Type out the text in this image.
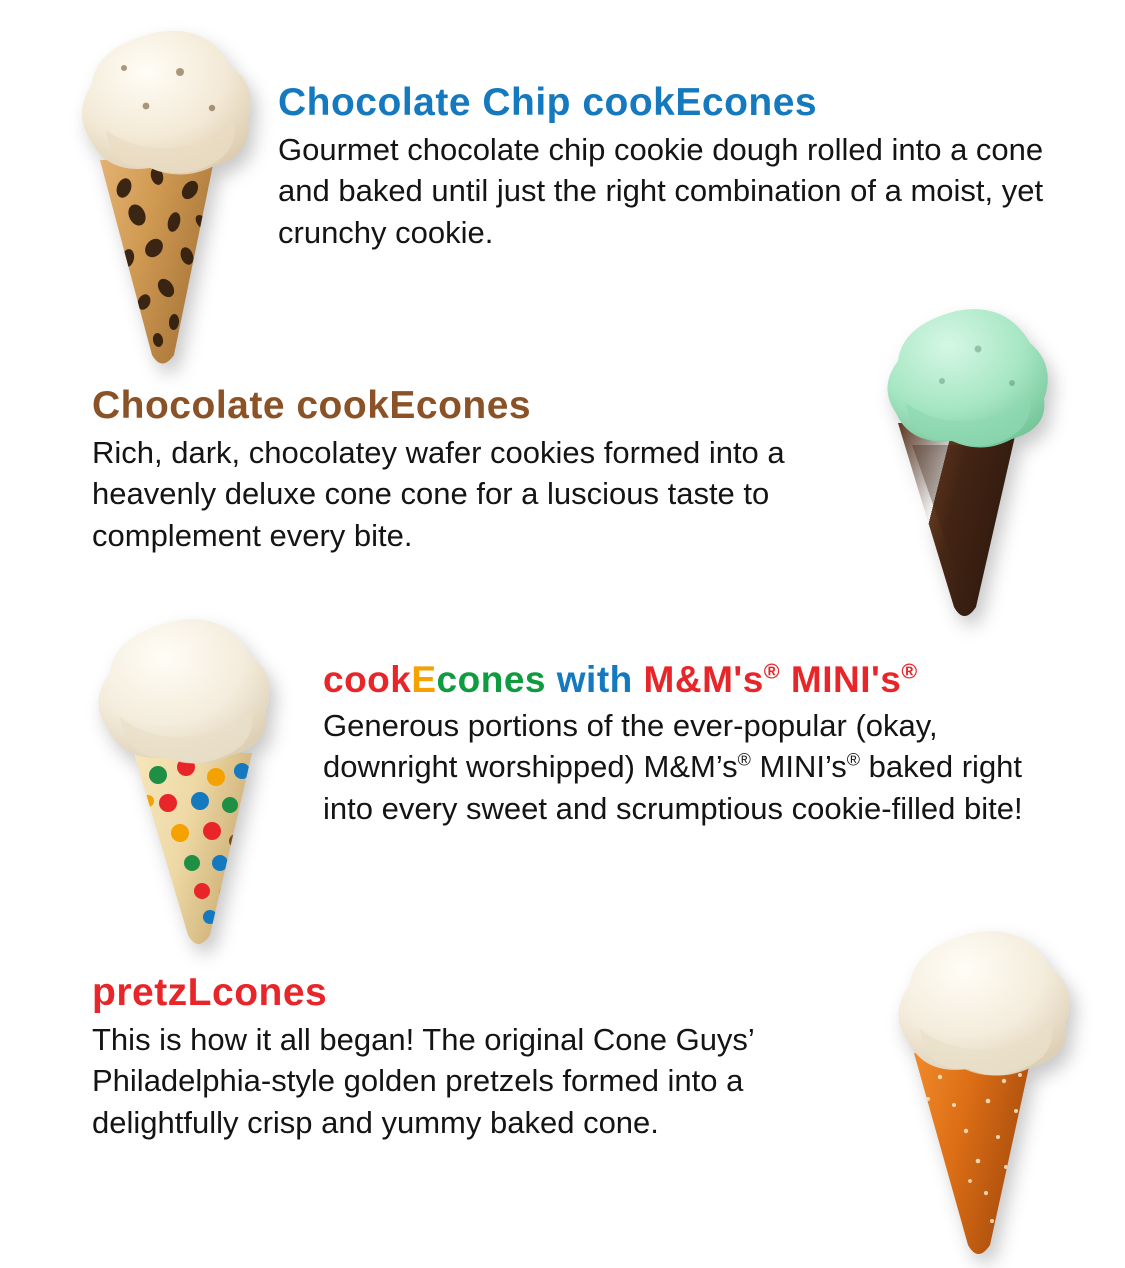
Chocolate Chip cookEcones

Gourmet chocolate chip cookie dough rolled into a cone and baked until just the right combination of a moist, yet crunchy cookie.

Chocolate cookEcones

Rich, dark, chocolatey wafer cookies formed into a heavenly deluxe cone cone for a luscious taste to complement every bite.

cookEcones with M&M's® MINI's®

Generous portions of the ever-popular (okay, downright worshipped) M&M’s® MINI’s® baked right into every sweet and scrumptious cookie-filled bite!

pretzLcones

This is how it all began! The original Cone Guys’ Philadelphia-style golden pretzels formed into a delightfully crisp and yummy baked cone.
